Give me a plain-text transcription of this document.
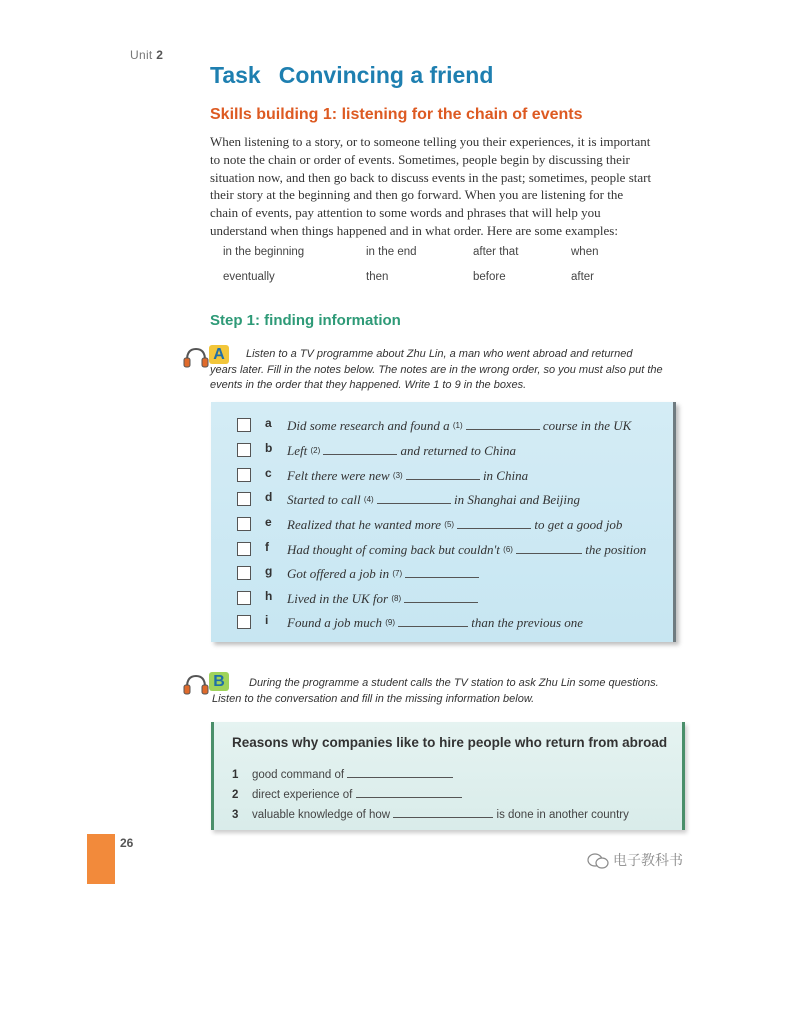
Unit 2
Task Convincing a friend
Skills building 1: listening for the chain of events
When listening to a story, or to someone telling you their experiences, it is important
to note the chain or order of events. Sometimes, people begin by discussing their
situation now, and then go back to discuss events in the past; sometimes, people start
their story at the beginning and then go forward. When you are listening for the
chain of events, pay attention to some words and phrases that will help you
understand when things happened and in what order. Here are some examples:
in the beginning	in the end	after that	when
eventually	then	before	after
Step 1: finding information
A	Listen to a TV programme about Zhu Lin, a man who went abroad and returned
years later. Fill in the notes below. The notes are in the wrong order, so you must also put the
events in the order that they happened. Write 1 to 9 in the boxes.
a Did some research and found a (1)	course in the UK
b Left (2)	and returned to China
c Felt there were new (3)	in China
d Started to call (4)	in Shanghai and Beijing
e Realized that he wanted more (5)	to get a good job
f Had thought of coming back but couldn't (6)	the position
g Got offered a job in (7)
h Lived in the UK for (8)
i Found a job much (9)	than the previous one
B	During the programme a student calls the TV station to ask Zhu Lin some questions.
Listen to the conversation and fill in the missing information below.
Reasons why companies like to hire people who return from abroad
1 good command of
2 direct experience of
3 valuable knowledge of how	is done in another country
26
电子教科书
